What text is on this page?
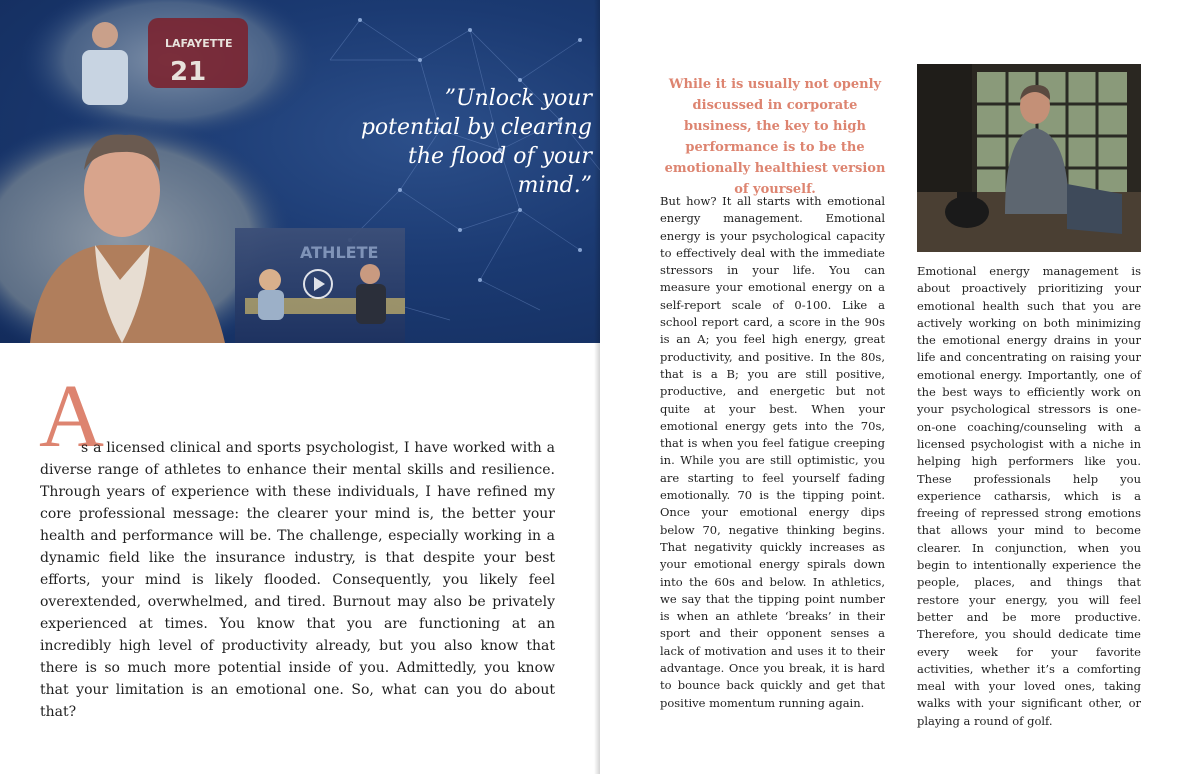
LAFAYETTE
21
ATHLETE
”Unlock your potential by clearing the flood of your mind.”
A
s a licensed clinical and sports psychologist, I have worked with a diverse range of athletes to enhance their mental skills and resilience. Through years of experience with these individuals, I have refined my core professional message: the clearer your mind is, the better your health and performance will be. The challenge, especially working in a dynamic field like the insurance industry, is that despite your best efforts, your mind is likely flooded. Consequently, you likely feel overextended, overwhelmed, and tired. Burnout may also be privately experienced at times. You know that you are functioning at an incredibly high level of productivity already, but you also know that there is so much more potential inside of you. Admittedly, you know that your limitation is an emotional one. So, what can you do about that?
While it is usually not openly discussed in corporate business, the key to high performance is to be the emotionally healthiest version of yourself.
But how? It all starts with emotional energy management. Emotional energy is your psychological capacity to effectively deal with the immediate stressors in your life. You can measure your emotional energy on a self-report scale of 0-100. Like a school report card, a score in the 90s is an A; you feel high energy, great productivity, and positive. In the 80s, that is a B; you are still positive, productive, and energetic but not quite at your best. When your emotional energy gets into the 70s, that is when you feel fatigue creeping in. While you are still optimistic, you are starting to feel yourself fading emotionally. 70 is the tipping point. Once your emotional energy dips below 70, negative thinking begins. That negativity quickly increases as your emotional energy spirals down into the 60s and below. In athletics, we say that the tipping point number is when an athlete ‘breaks’ in their sport and their opponent senses a lack of motivation and uses it to their advantage. Once you break, it is hard to bounce back quickly and get that positive momentum running again.
Emotional energy management is about proactively prioritizing your emotional health such that you are actively working on both minimizing the emotional energy drains in your life and concentrating on raising your emotional energy. Importantly, one of the best ways to efficiently work on your psychological stressors is one-on-one coaching/counseling with a licensed psychologist with a niche in helping high performers like you. These professionals help you experience catharsis, which is a freeing of repressed strong emotions that allows your mind to become clearer. In conjunction, when you begin to intentionally experience the people, places, and things that restore your energy, you will feel better and be more productive. Therefore, you should dedicate time every week for your favorite activities, whether it’s a comforting meal with your loved ones, taking walks with your significant other, or playing a round of golf.
